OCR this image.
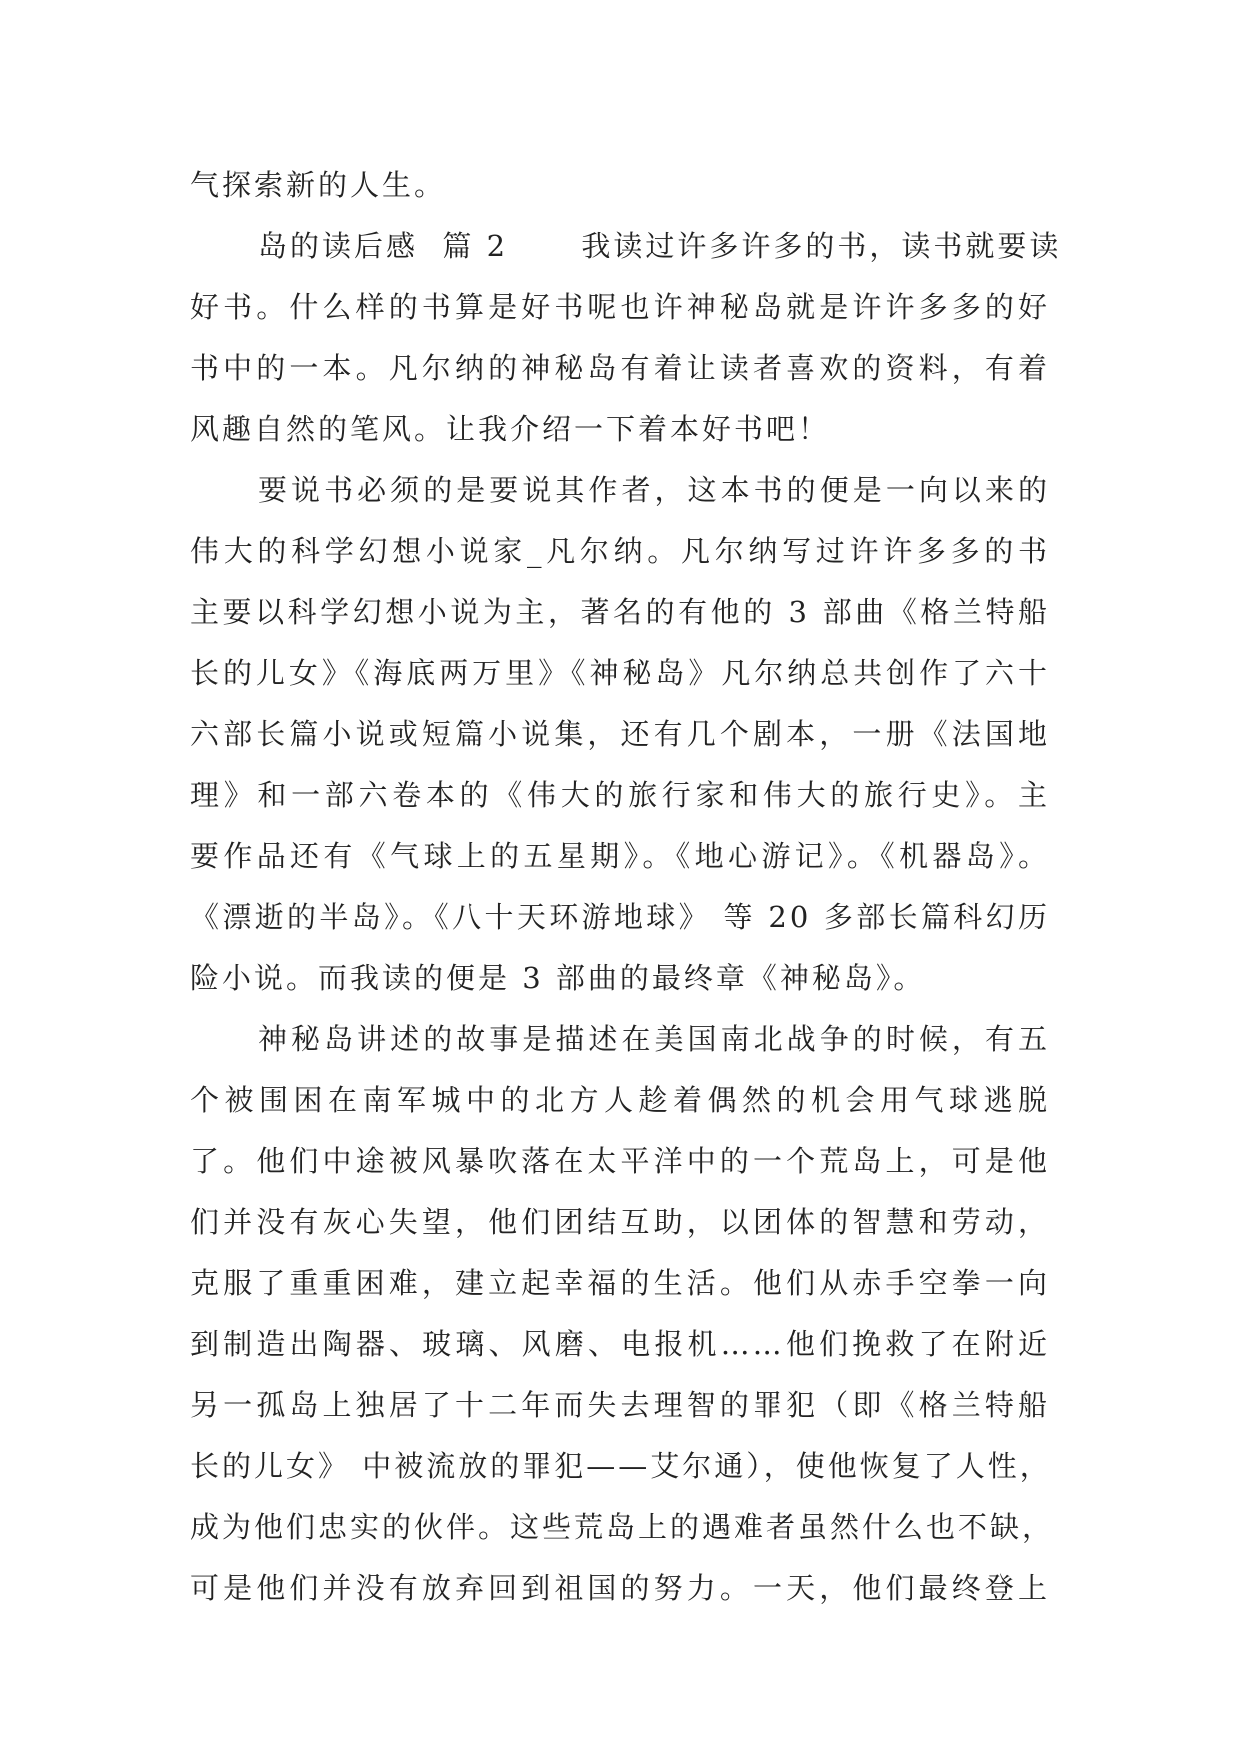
气探索新的人生。
岛的读后感  篇 2      我读过许多许多的书，读书就要读
好书。什么样的书算是好书呢也许神秘岛就是许许多多的好
书中的一本。凡尔纳的神秘岛有着让读者喜欢的资料，有着
风趣自然的笔风。让我介绍一下着本好书吧！
要说书必须的是要说其作者，这本书的便是一向以来的
伟大的科学幻想小说家_凡尔纳。凡尔纳写过许许多多的书
主要以科学幻想小说为主，著名的有他的 3 部曲《格兰特船
长的儿女》《海底两万里》《神秘岛》凡尔纳总共创作了六十
六部长篇小说或短篇小说集，还有几个剧本，一册《法国地
理》和一部六卷本的《伟大的旅行家和伟大的旅行史》。主
要作品还有《气球上的五星期》。《地心游记》。《机器岛》。
《漂逝的半岛》。《八十天环游地球》 等 20 多部长篇科幻历
险小说。而我读的便是 3 部曲的最终章《神秘岛》。
神秘岛讲述的故事是描述在美国南北战争的时候，有五
个被围困在南军城中的北方人趁着偶然的机会用气球逃脱
了。他们中途被风暴吹落在太平洋中的一个荒岛上，可是他
们并没有灰心失望，他们团结互助，以团体的智慧和劳动，
克服了重重困难，建立起幸福的生活。他们从赤手空拳一向
到制造出陶器、玻璃、风磨、电报机……他们挽救了在附近
另一孤岛上独居了十二年而失去理智的罪犯（即《格兰特船
长的儿女》 中被流放的罪犯——艾尔通），使他恢复了人性，
成为他们忠实的伙伴。这些荒岛上的遇难者虽然什么也不缺，
可是他们并没有放弃回到祖国的努力。一天，他们最终登上
